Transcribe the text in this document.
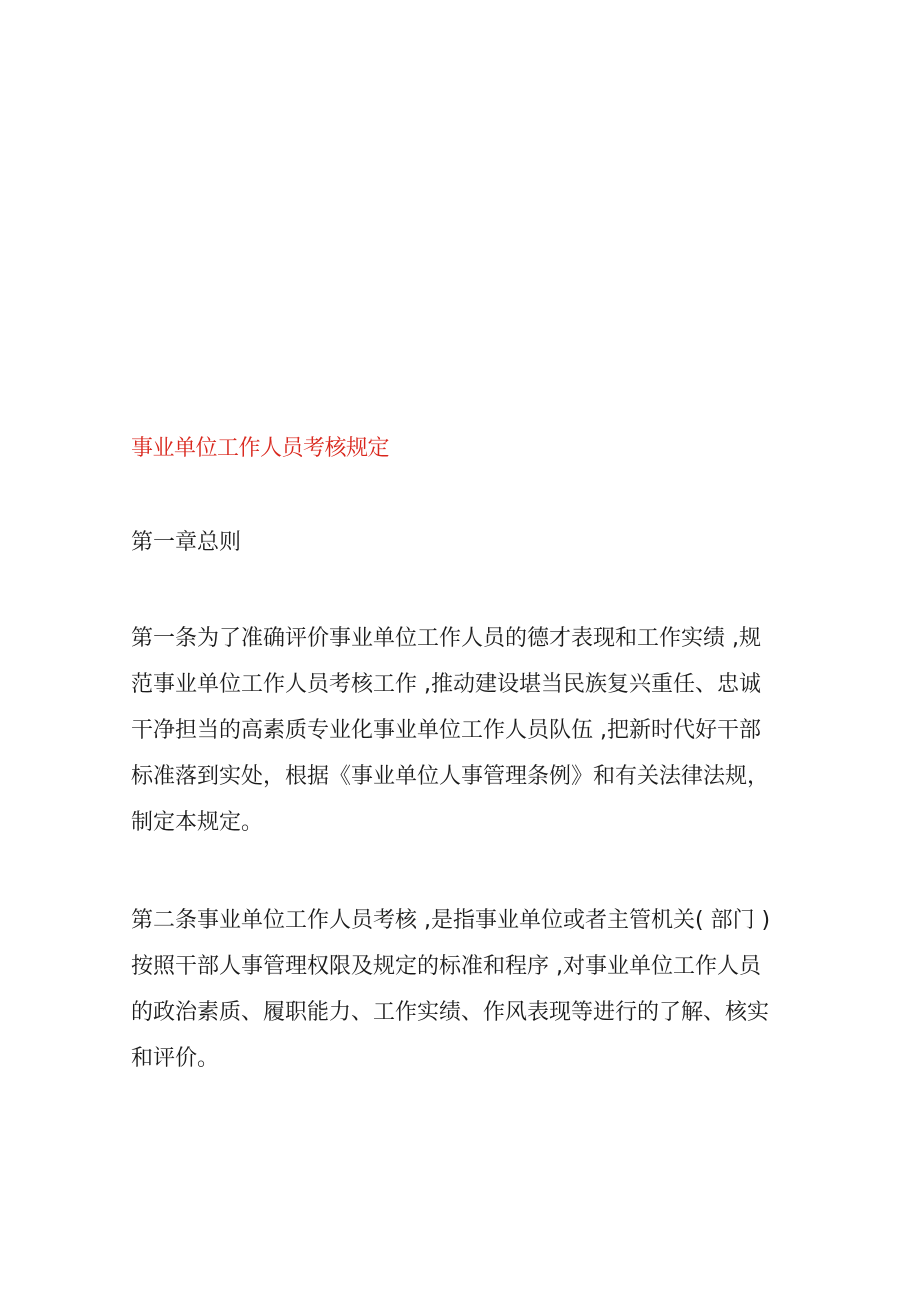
事业单位工作人员考核规定
第一章总则

第一条为了准确评价事业单位工作人员的德才表现和工作实绩 ,规
范事业单位工作人员考核工作 ,推动建设堪当民族复兴重任、忠诚
干净担当的高素质专业化事业单位工作人员队伍 ,把新时代好干部
标准落到实处，根据《事业单位人事管理条例》和有关法律法规，
制定本规定。

第二条事业单位工作人员考核 ,是指事业单位或者主管机关( 部门 )
按照干部人事管理权限及规定的标准和程序 ,对事业单位工作人员
的政治素质、履职能力、工作实绩、作风表现等进行的了解、核实
和评价。
